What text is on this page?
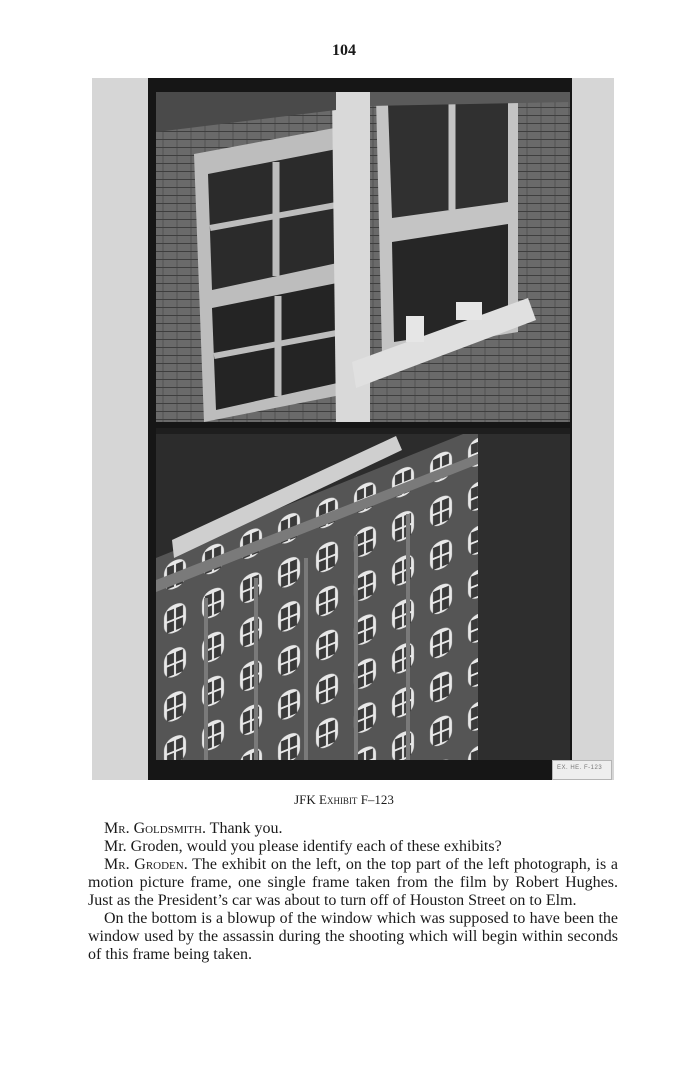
104
ЕХ. НЕ. F-123
JFK Exhibit F–123

Mr. Goldsmith. Thank you.

Mr. Groden, would you please identify each of these exhibits?

Mr. Groden. The exhibit on the left, on the top part of the left photograph, is a motion picture frame, one single frame taken from the film by Robert Hughes. Just as the President’s car was about to turn off of Houston Street on to Elm.

On the bottom is a blowup of the window which was supposed to have been the window used by the assassin during the shooting which will begin within seconds of this frame being taken.
